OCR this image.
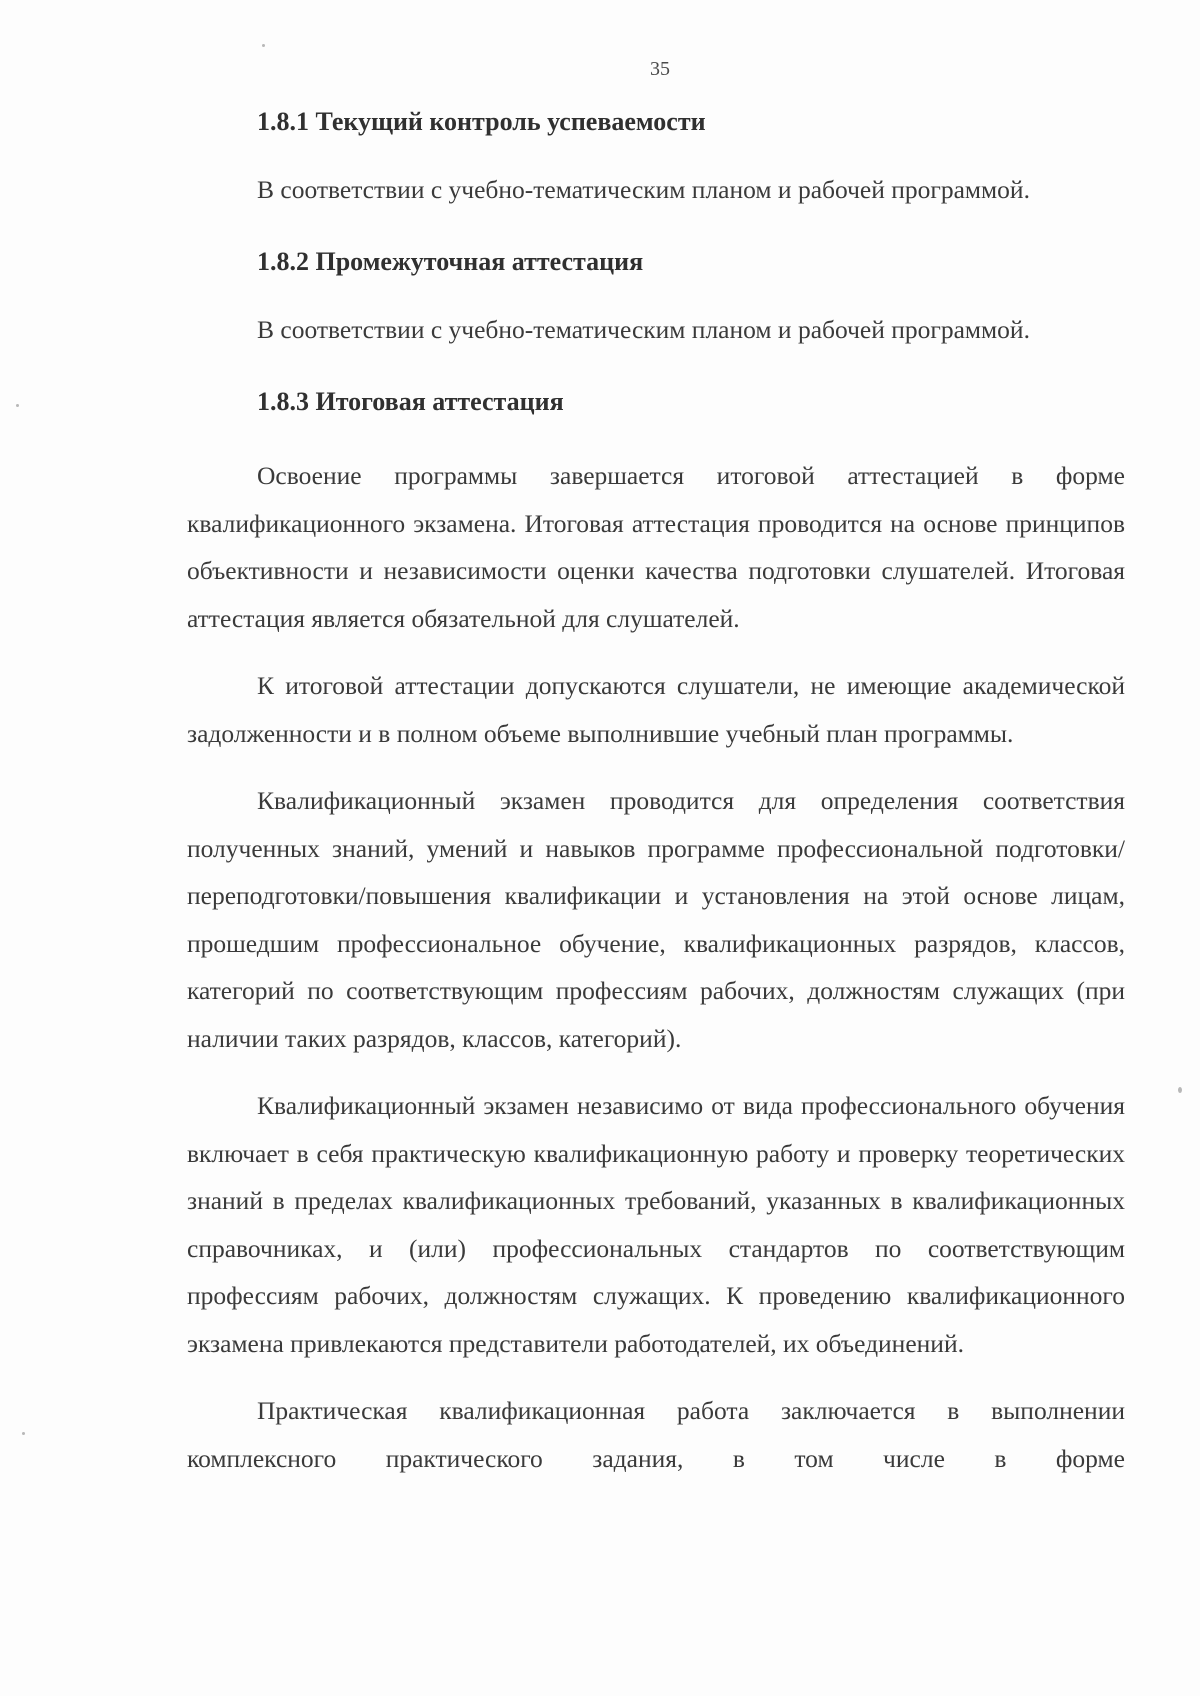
35
1.8.1 Текущий контроль успеваемости
В соответствии с учебно-тематическим планом и рабочей программой.
1.8.2 Промежуточная аттестация
В соответствии с учебно-тематическим планом и рабочей программой.
1.8.3 Итоговая аттестация

Освоение программы завершается итоговой аттестацией в форме квалификационного экзамена. Итоговая аттестация проводится на основе принципов объективности и независимости оценки качества подготовки слушателей. Итоговая аттестация является обязательной для слушателей.

К итоговой аттестации допускаются слушатели, не имеющие академической задолженности и в полном объеме выполнившие учебный план программы.

Квалификационный экзамен проводится для определения соответствия полученных знаний, умений и навыков программе профессиональной подготовки/переподготовки/повышения квалификации и установления на этой основе лицам, прошедшим профессиональное обучение, квалификационных разрядов, классов, категорий по соответствующим профессиям рабочих, должностям служащих (при наличии таких разрядов, классов, категорий).

Квалификационный экзамен независимо от вида профессионального обучения включает в себя практическую квалификационную работу и проверку теоретических знаний в пределах квалификационных требований, указанных в квалификационных справочниках, и (или) профессиональных стандартов по соответствующим профессиям рабочих, должностям служащих. К проведению квалификационного экзамена привлекаются представители работодателей, их объединений.

Практическая квалификационная работа заключается в выполнении комплексного практического задания, в том числе в форме
